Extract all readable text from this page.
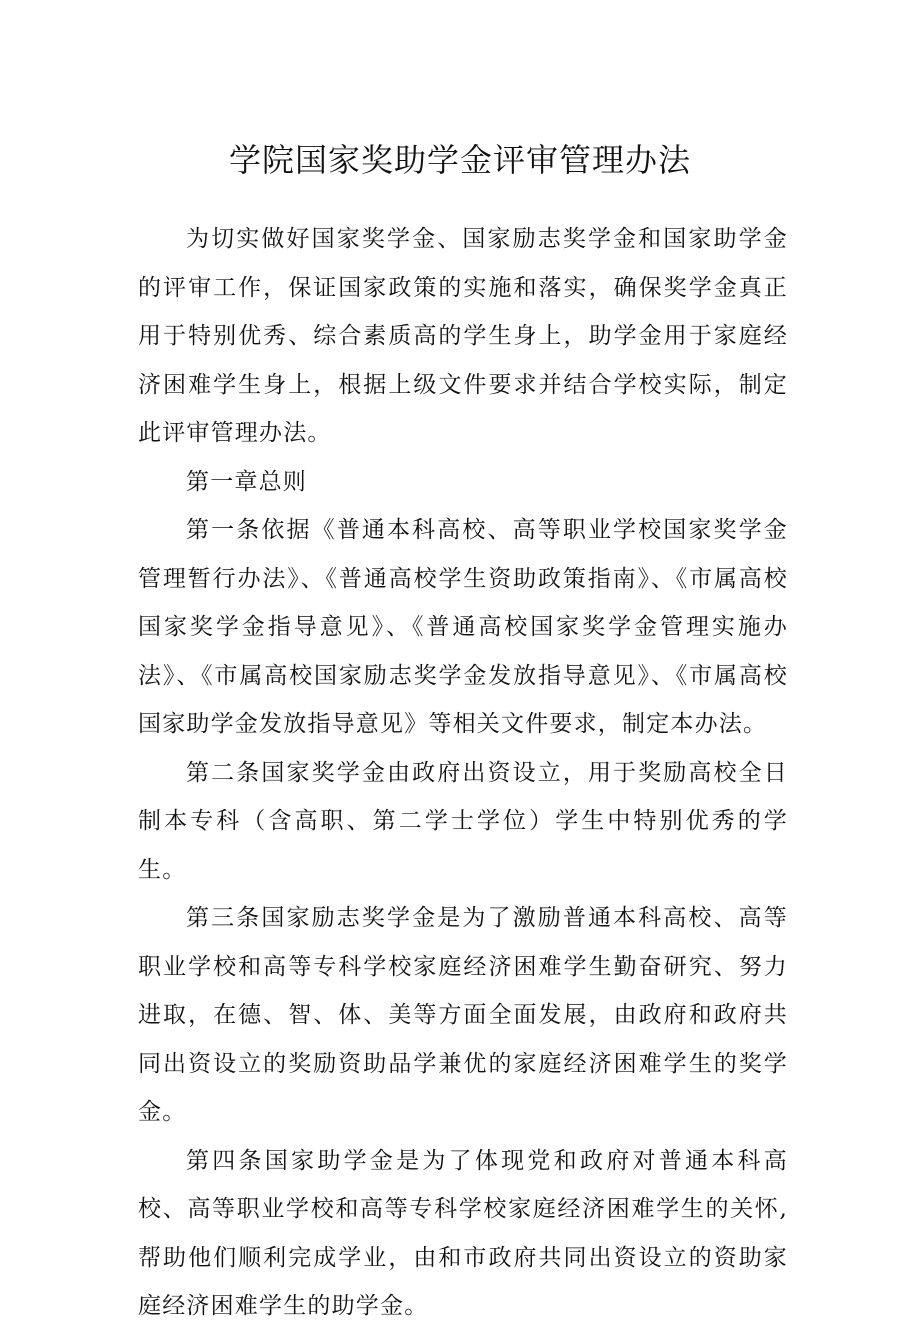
学院国家奖助学金评审管理办法

为切实做好国家奖学金、国家励志奖学金和国家助学金的评审工作，保证国家政策的实施和落实，确保奖学金真正用于特别优秀、综合素质高的学生身上，助学金用于家庭经济困难学生身上，根据上级文件要求并结合学校实际，制定此评审管理办法。

第一章总则

第一条依据《普通本科高校、高等职业学校国家奖学金管理暂行办法》、《普通高校学生资助政策指南》、《市属高校国家奖学金指导意见》、《普通高校国家奖学金管理实施办法》、《市属高校国家励志奖学金发放指导意见》、《市属高校国家助学金发放指导意见》等相关文件要求，制定本办法。

第二条国家奖学金由政府出资设立，用于奖励高校全日制本专科（含高职、第二学士学位）学生中特别优秀的学生。

第三条国家励志奖学金是为了激励普通本科高校、高等职业学校和高等专科学校家庭经济困难学生勤奋研究、努力进取，在德、智、体、美等方面全面发展，由政府和政府共同出资设立的奖励资助品学兼优的家庭经济困难学生的奖学金。

第四条国家助学金是为了体现党和政府对普通本科高校、高等职业学校和高等专科学校家庭经济困难学生的关怀,帮助他们顺利完成学业，由和市政府共同出资设立的资助家庭经济困难学生的助学金。
